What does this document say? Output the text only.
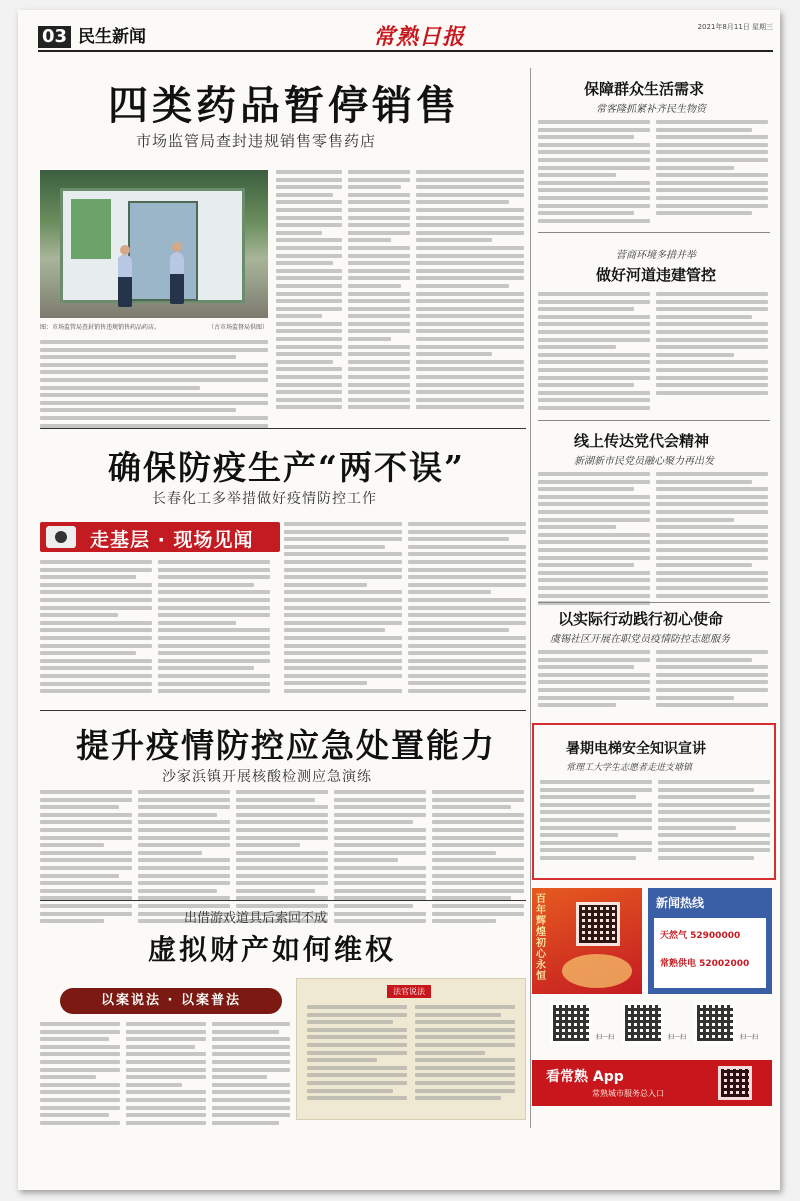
03 民生新闻	常熟日报	2021年8月11日 星期三
四类药品暂停销售
市场监管局查封违规销售零售药店
图：市场监管局查封销售违规销售药品药店。	（古市场监督局供图）
确保防疫生产“两不误”
长春化工多举措做好疫情防控工作
走基层 · 现场见闻
提升疫情防控应急处置能力
沙家浜镇开展核酸检测应急演练
出借游戏道具后索回不成
虚拟财产如何维权
以案说法 · 以案普法
法官说法
保障群众生活需求
常客隆抓紧补齐民生物资
营商环境多措并举
做好河道违建管控
线上传达党代会精神
新湖新市民党员融心聚力再出发
以实际行动践行初心使命
虞锡社区开展在职党员疫情防控志愿服务
暑期电梯安全知识宣讲
常理工大学生志愿者走进支塘镇
百年辉煌 初心永恒
新闻热线
天然气 52900000
常熟供电 52002000
扫一扫	扫一扫	扫一扫
看常熟 App
常熟城市服务总入口
